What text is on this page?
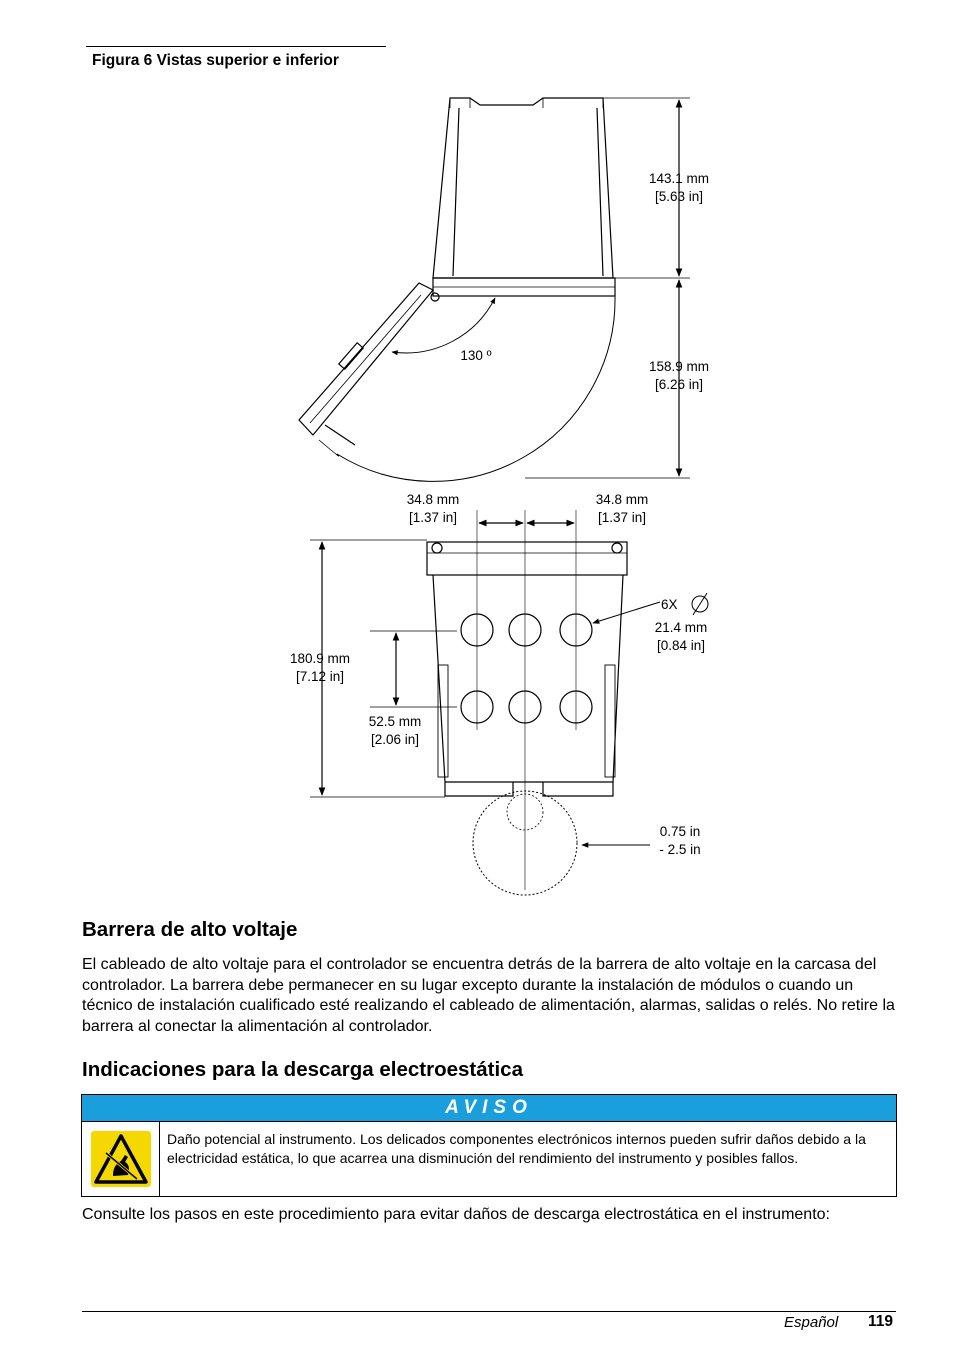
Figura 6 Vistas superior e inferior
143.1 mm
[5.63 in]
130 º
158.9 mm
[6.26 in]
34.8 mm
[1.37 in]
34.8 mm
[1.37 in]
6X
21.4 mm
[0.84 in]
180.9 mm
[7.12 in]
52.5 mm
[2.06 in]
0.75 in
- 2.5 in
Barrera de alto voltaje

El cableado de alto voltaje para el controlador se encuentra detrás de la barrera de alto voltaje en la carcasa del controlador. La barrera debe permanecer en su lugar excepto durante la instalación de módulos o cuando un técnico de instalación cualificado esté realizando el cableado de alimentación, alarmas, salidas o relés. No retire la barrera al conectar la alimentación al controlador.

Indicaciones para la descarga electroestática
AVISO
Daño potencial al instrumento. Los delicados componentes electrónicos internos pueden sufrir daños debido a la electricidad estática, lo que acarrea una disminución del rendimiento del instrumento y posibles fallos.

Consulte los pasos en este procedimiento para evitar daños de descarga electrostática en el instrumento:

Español 119
